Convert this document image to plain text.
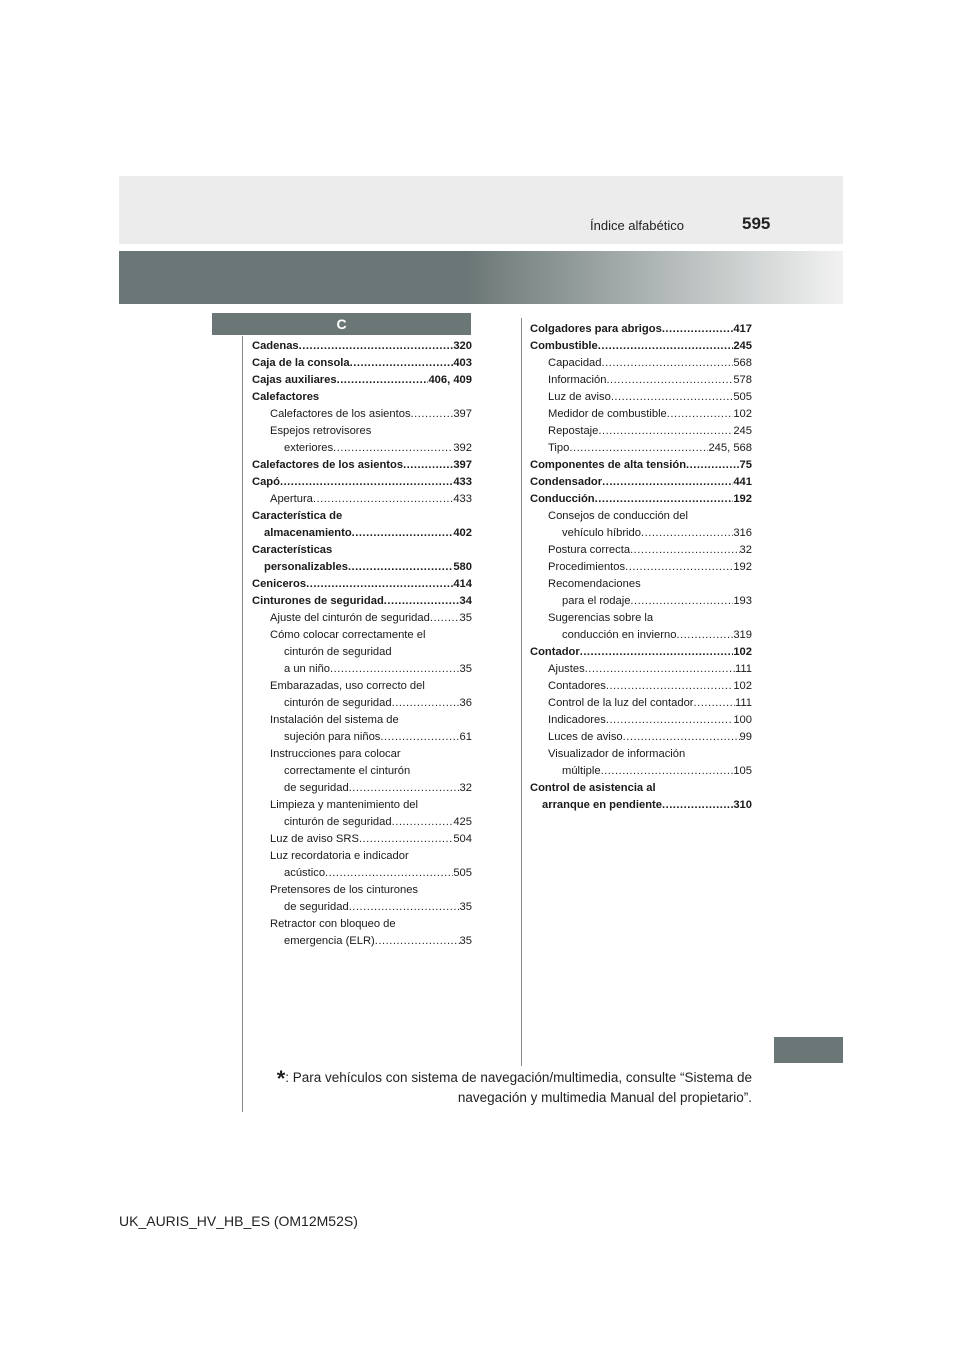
Índice alfabético	595
C
Cadenas .....	320
Caja de la consola .....	403
Cajas auxiliares .....	406, 409
Calefactores
Calefactores de los asientos .....	397
Espejos retrovisores
exteriores .....	392
Calefactores de los asientos .....	397
Capó .....	433
Apertura .....	433
Característica de
almacenamiento .....	402
Características
personalizables .....	580
Ceniceros .....	414
Cinturones de seguridad .....	34
Ajuste del cinturón de seguridad .....	35
Cómo colocar correctamente el
cinturón de seguridad
a un niño .....	35
Embarazadas, uso correcto del
cinturón de seguridad .....	36
Instalación del sistema de
sujeción para niños .....	61
Instrucciones para colocar
correctamente el cinturón
de seguridad .....	32
Limpieza y mantenimiento del
cinturón de seguridad .....	425
Luz de aviso SRS .....	504
Luz recordatoria e indicador
acústico .....	505
Pretensores de los cinturones
de seguridad .....	35
Retractor con bloqueo de
emergencia (ELR) .....	35
Colgadores para abrigos .....	417
Combustible .....	245
Capacidad .....	568
Información .....	578
Luz de aviso .....	505
Medidor de combustible .....	102
Repostaje .....	245
Tipo .....	245, 568
Componentes de alta tensión .....	75
Condensador .....	441
Conducción .....	192
Consejos de conducción del
vehículo híbrido .....	316
Postura correcta .....	32
Procedimientos .....	192
Recomendaciones
para el rodaje .....	193
Sugerencias sobre la
conducción en invierno .....	319
Contador .....	102
Ajustes .....	111
Contadores .....	102
Control de la luz del contador .....	111
Indicadores .....	100
Luces de aviso .....	99
Visualizador de información
múltiple .....	105
Control de asistencia al
arranque en pendiente .....	310
*: Para vehículos con sistema de navegación/multimedia, consulte “Sistema de navegación y multimedia Manual del propietario”.
UK_AURIS_HV_HB_ES (OM12M52S)
